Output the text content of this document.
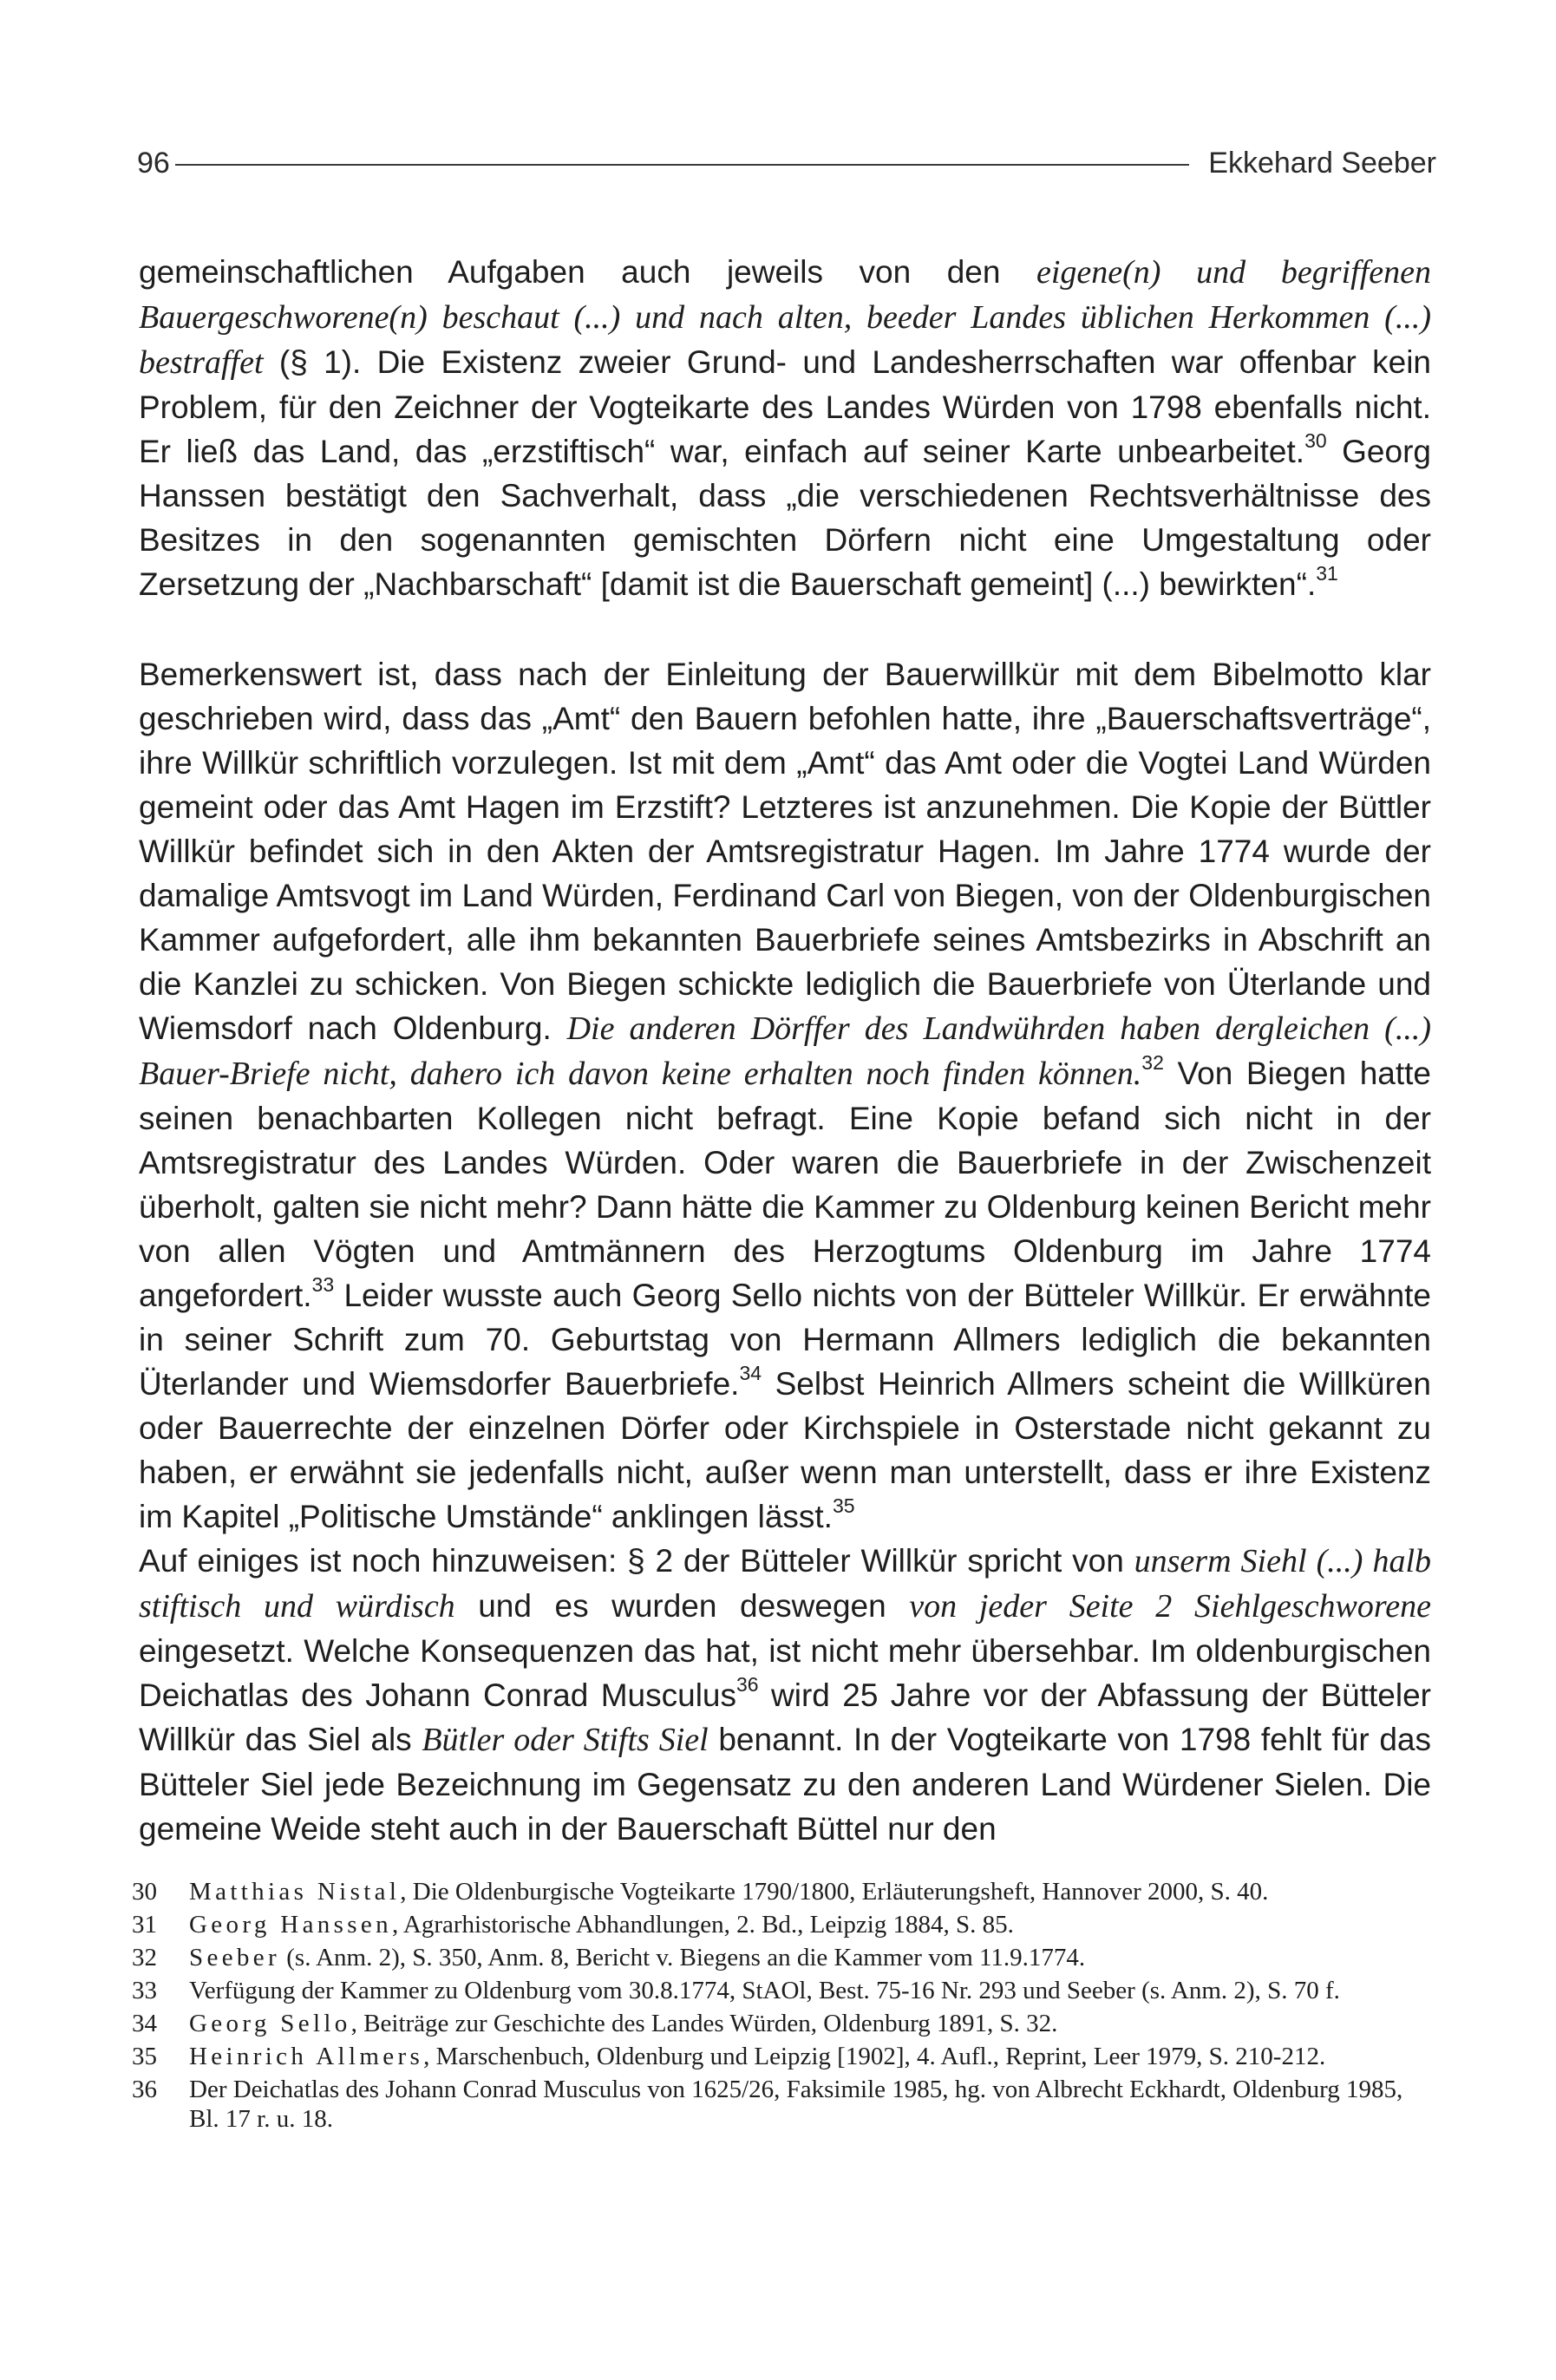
96	Ekkehard Seeber

gemeinschaftlichen Aufgaben auch jeweils von den eigene(n) und begriffenen Bauergeschworene(n) beschaut (...) und nach alten, beeder Landes üblichen Herkommen (...) bestraffet (§ 1). Die Existenz zweier Grund- und Landesherrschaften war offenbar kein Problem, für den Zeichner der Vogteikarte des Landes Würden von 1798 ebenfalls nicht. Er ließ das Land, das „erzstiftisch“ war, einfach auf seiner Karte unbearbeitet.$^{30}$ Georg Hanssen bestätigt den Sachverhalt, dass „die verschiedenen Rechtsverhältnisse des Besitzes in den sogenannten gemischten Dörfern nicht eine Umgestaltung oder Zersetzung der „Nachbarschaft“ [damit ist die Bauerschaft gemeint] (...) bewirkten“.$^{31}$

Bemerkenswert ist, dass nach der Einleitung der Bauerwillkür mit dem Bibelmotto klar geschrieben wird, dass das „Amt“ den Bauern befohlen hatte, ihre „Bauerschaftsverträge“, ihre Willkür schriftlich vorzulegen. Ist mit dem „Amt“ das Amt oder die Vogtei Land Würden gemeint oder das Amt Hagen im Erzstift? Letzteres ist anzunehmen. Die Kopie der Büttler Willkür befindet sich in den Akten der Amtsregistratur Hagen. Im Jahre 1774 wurde der damalige Amtsvogt im Land Würden, Ferdinand Carl von Biegen, von der Oldenburgischen Kammer aufgefordert, alle ihm bekannten Bauerbriefe seines Amtsbezirks in Abschrift an die Kanzlei zu schicken. Von Biegen schickte lediglich die Bauerbriefe von Üterlande und Wiemsdorf nach Oldenburg. Die anderen Dörffer des Landwührden haben dergleichen (...) Bauer-Briefe nicht, dahero ich davon keine erhalten noch finden können.$^{32}$ Von Biegen hatte seinen benachbarten Kollegen nicht befragt. Eine Kopie befand sich nicht in der Amtsregistratur des Landes Würden. Oder waren die Bauerbriefe in der Zwischenzeit überholt, galten sie nicht mehr? Dann hätte die Kammer zu Oldenburg keinen Bericht mehr von allen Vögten und Amtmännern des Herzogtums Oldenburg im Jahre 1774 angefordert.$^{33}$ Leider wusste auch Georg Sello nichts von der Bütteler Willkür. Er erwähnte in seiner Schrift zum 70. Geburtstag von Hermann Allmers lediglich die bekannten Üterlander und Wiemsdorfer Bauerbriefe.$^{34}$ Selbst Heinrich Allmers scheint die Willküren oder Bauerrechte der einzelnen Dörfer oder Kirchspiele in Osterstade nicht gekannt zu haben, er erwähnt sie jedenfalls nicht, außer wenn man unterstellt, dass er ihre Existenz im Kapitel „Politische Umstände“ anklingen lässt.$^{35}$

Auf einiges ist noch hinzuweisen: § 2 der Bütteler Willkür spricht von unserm Siehl (...) halb stiftisch und würdisch und es wurden deswegen von jeder Seite 2 Siehlgeschworene eingesetzt. Welche Konsequenzen das hat, ist nicht mehr übersehbar. Im oldenburgischen Deichatlas des Johann Conrad Musculus$^{36}$ wird 25 Jahre vor der Abfassung der Bütteler Willkür das Siel als Bütler oder Stifts Siel benannt. In der Vogteikarte von 1798 fehlt für das Bütteler Siel jede Bezeichnung im Gegensatz zu den anderen Land Würdener Sielen. Die gemeine Weide steht auch in der Bauerschaft Büttel nur den

30	Matthias Nistal, Die Oldenburgische Vogteikarte 1790/1800, Erläuterungsheft, Hannover 2000, S. 40.
31	Georg Hanssen, Agrarhistorische Abhandlungen, 2. Bd., Leipzig 1884, S. 85.
32	Seeber (s. Anm. 2), S. 350, Anm. 8, Bericht v. Biegens an die Kammer vom 11.9.1774.
33	Verfügung der Kammer zu Oldenburg vom 30.8.1774, StAOl, Best. 75-16 Nr. 293 und Seeber (s. Anm. 2), S. 70 f.
34	Georg Sello, Beiträge zur Geschichte des Landes Würden, Oldenburg 1891, S. 32.
35	Heinrich Allmers, Marschenbuch, Oldenburg und Leipzig [1902], 4. Aufl., Reprint, Leer 1979, S. 210-212.
36	Der Deichatlas des Johann Conrad Musculus von 1625/26, Faksimile 1985, hg. von Albrecht Eckhardt, Oldenburg 1985, Bl. 17 r. u. 18.
